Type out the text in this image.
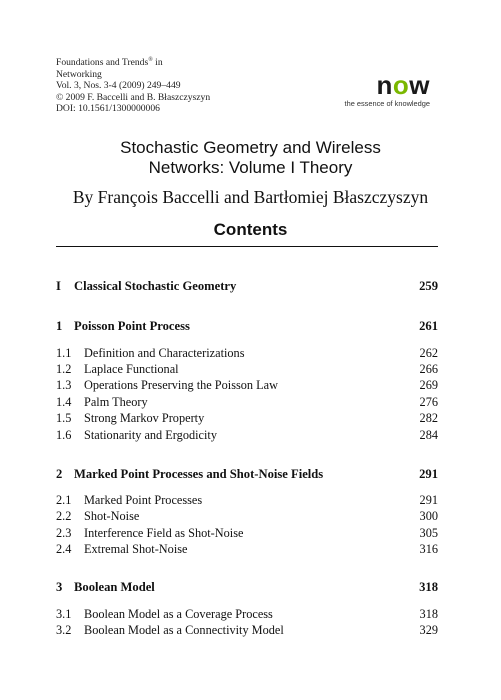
Foundations and Trends® in
Networking
Vol. 3, Nos. 3-4 (2009) 249–449
© 2009 F. Baccelli and B. Błaszczyszyn
DOI: 10.1561/1300000006
now
the essence of knowledge
Stochastic Geometry and Wireless
Networks: Volume I Theory
By François Baccelli and Bartłomiej Błaszczyszyn
Contents
I Classical Stochastic Geometry	259
1 Poisson Point Process	261
1.1 Definition and Characterizations	262
1.2 Laplace Functional	266
1.3 Operations Preserving the Poisson Law	269
1.4 Palm Theory	276
1.5 Strong Markov Property	282
1.6 Stationarity and Ergodicity	284
2 Marked Point Processes and Shot-Noise Fields	291
2.1 Marked Point Processes	291
2.2 Shot-Noise	300
2.3 Interference Field as Shot-Noise	305
2.4 Extremal Shot-Noise	316
3 Boolean Model	318
3.1 Boolean Model as a Coverage Process	318
3.2 Boolean Model as a Connectivity Model	329
